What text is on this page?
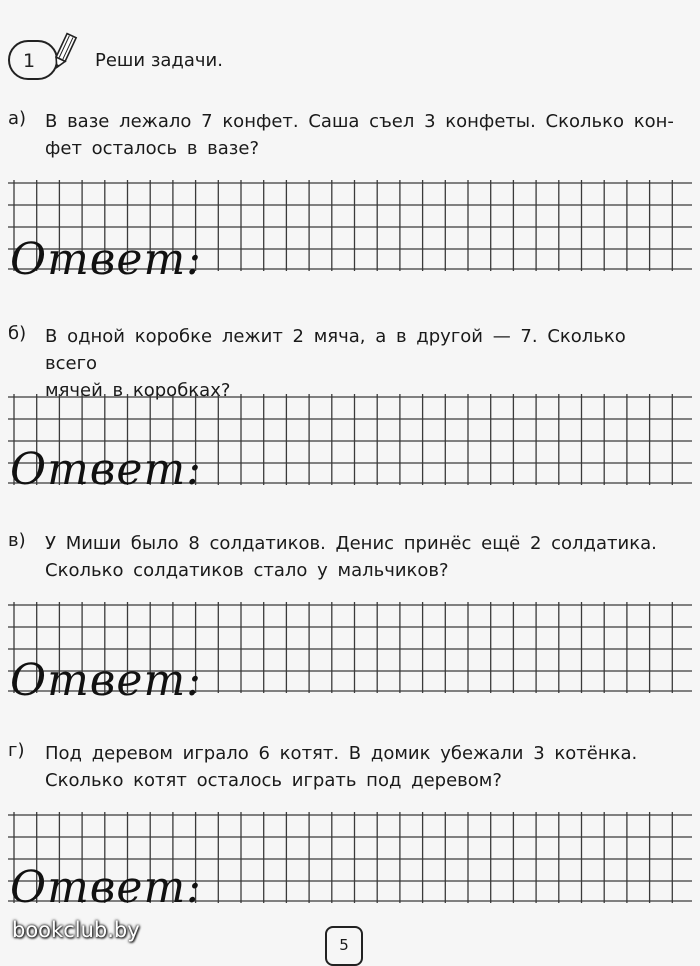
1	Реши задачи.
а) В вазе лежало 7 конфет. Саша съел 3 конфеты. Сколько кон-
фет осталось в вазе?
Ответ:
б) В одной коробке лежит 2 мяча, а в другой — 7. Сколько всего
мячей в коробках?
Ответ:
в) У Миши было 8 солдатиков. Денис принёс ещё 2 солдатика.
Сколько солдатиков стало у мальчиков?
Ответ:
г) Под деревом играло 6 котят. В домик убежали 3 котёнка.
Сколько котят осталось играть под деревом?
Ответ:
5
bookclub.by
